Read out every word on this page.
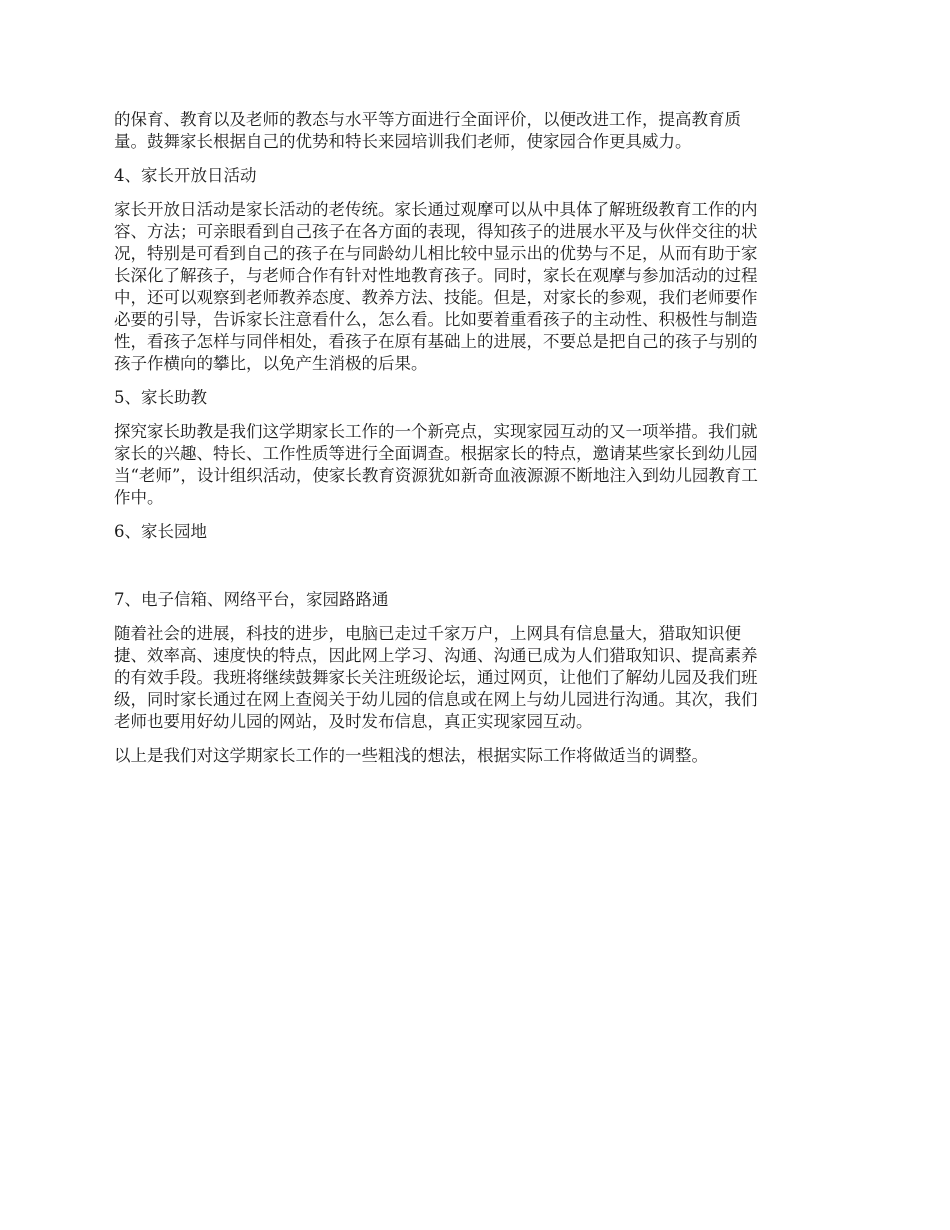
的保育、教育以及老师的教态与水平等方面进行全面评价，以便改进工作，提高教育质
量。鼓舞家长根据自己的优势和特长来园培训我们老师，使家园合作更具威力。
4、家长开放日活动
家长开放日活动是家长活动的老传统。家长通过观摩可以从中具体了解班级教育工作的内
容、方法；可亲眼看到自己孩子在各方面的表现，得知孩子的进展水平及与伙伴交往的状
况，特别是可看到自己的孩子在与同龄幼儿相比较中显示出的优势与不足，从而有助于家
长深化了解孩子，与老师合作有针对性地教育孩子。同时，家长在观摩与参加活动的过程
中，还可以观察到老师教养态度、教养方法、技能。但是，对家长的参观，我们老师要作
必要的引导，告诉家长注意看什么，怎么看。比如要着重看孩子的主动性、积极性与制造
性，看孩子怎样与同伴相处，看孩子在原有基础上的进展，不要总是把自己的孩子与别的
孩子作横向的攀比，以免产生消极的后果。
5、家长助教
探究家长助教是我们这学期家长工作的一个新亮点，实现家园互动的又一项举措。我们就
家长的兴趣、特长、工作性质等进行全面调查。根据家长的特点，邀请某些家长到幼儿园
当“老师”，设计组织活动，使家长教育资源犹如新奇血液源源不断地注入到幼儿园教育工
作中。
6、家长园地
7、电子信箱、网络平台，家园路路通
随着社会的进展，科技的进步，电脑已走过千家万户，上网具有信息量大，猎取知识便
捷、效率高、速度快的特点，因此网上学习、沟通、沟通已成为人们猎取知识、提高素养
的有效手段。我班将继续鼓舞家长关注班级论坛，通过网页，让他们了解幼儿园及我们班
级，同时家长通过在网上查阅关于幼儿园的信息或在网上与幼儿园进行沟通。其次，我们
老师也要用好幼儿园的网站，及时发布信息，真正实现家园互动。
以上是我们对这学期家长工作的一些粗浅的想法，根据实际工作将做适当的调整。
